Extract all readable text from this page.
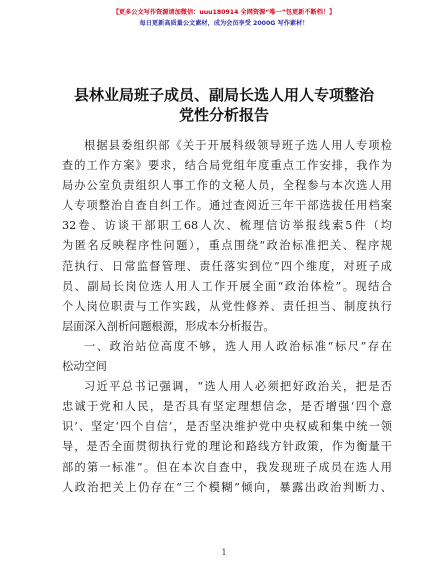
【更多公文写作资源请加微信：uuu180914 全网资源“唯一”包更新不断档！】
每日更新高质量公文素材，成为会员享受 2000G 写作素材！
县林业局班子成员、副局长选人用人专项整治
党性分析报告
根据县委组织部《关于开展科级领导班子选人用人专项检
查的工作方案》要求，结合局党组年度重点工作安排，我作为
局办公室负责组织人事工作的文秘人员，全程参与本次选人用
人专项整治自查自纠工作。通过查阅近三年干部选拔任用档案
32卷、访谈干部职工68人次、梳理信访举报线索5件（均
为匿名反映程序性问题），重点围绕“政治标准把关、程序规
范执行、日常监督管理、责任落实到位”四个维度，对班子成
员、副局长岗位选人用人工作开展全面“政治体检”。现结合
个人岗位职责与工作实践，从党性修养、责任担当、制度执行
层面深入剖析问题根源，形成本分析报告。
一、政治站位高度不够，选人用人政治标准“标尺”存在
松动空间
习近平总书记强调，“选人用人必须把好政治关，把是否
忠诚于党和人民，是否具有坚定理想信念，是否增强‘四个意
识’、坚定‘四个自信’，是否坚决维护党中央权威和集中统一领
导，是否全面贯彻执行党的理论和路线方针政策，作为衡量干
部的第一标准”。但在本次自查中，我发现班子成员在选人用
人政治把关上仍存在“三个模糊”倾向，暴露出政治判断力、
1
